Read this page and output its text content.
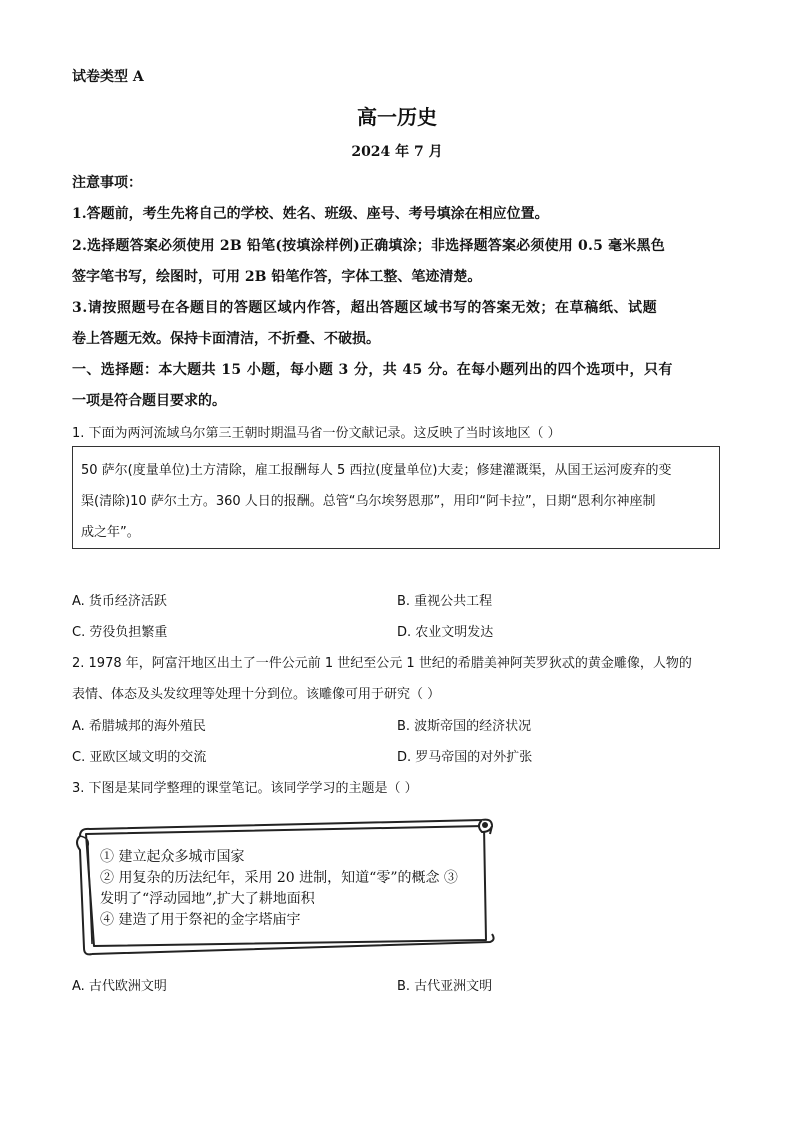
试卷类型 A
高一历史
2024 年 7 月
注意事项：
1.答题前，考生先将自己的学校、姓名、班级、座号、考号填涂在相应位置。
2.选择题答案必须使用 2B 铅笔(按填涂样例)正确填涂；非选择题答案必须使用 0.5 毫米黑色
签字笔书写，绘图时，可用 2B 铅笔作答，字体工整、笔迹清楚。
3.请按照题号在各题目的答题区域内作答，超出答题区域书写的答案无效；在草稿纸、试题
卷上答题无效。保持卡面清洁，不折叠、不破损。
一、选择题：本大题共 15 小题，每小题 3 分，共 45 分。在每小题列出的四个选项中，只有
一项是符合题目要求的。
1. 下面为两河流域乌尔第三王朝时期温马省一份文献记录。这反映了当时该地区（ ）
50 萨尔(度量单位)土方清除，雇工报酬每人 5 西拉(度量单位)大麦；修建灌溉渠，从国王运河废弃的变
渠(清除)10 萨尔土方。360 人日的报酬。总管“乌尔埃努恩那”，用印“阿卡拉”，日期“恩利尔神座制
成之年”。
A. 货币经济活跃	B. 重视公共工程
C. 劳役负担繁重	D. 农业文明发达
2. 1978 年，阿富汗地区出土了一件公元前 1 世纪至公元 1 世纪的希腊美神阿芙罗狄忒的黄金雕像，人物的
表情、体态及头发纹理等处理十分到位。该雕像可用于研究（ ）
A. 希腊城邦的海外殖民	B. 波斯帝国的经济状况
C. 亚欧区域文明的交流	D. 罗马帝国的对外扩张
3. 下图是某同学整理的课堂笔记。该同学学习的主题是（ ）
① 建立起众多城市国家
② 用复杂的历法纪年，采用 20 进制，知道“零”的概念 ③
发明了“浮动园地”,扩大了耕地面积
④ 建造了用于祭祀的金字塔庙宇
A. 古代欧洲文明	B. 古代亚洲文明
